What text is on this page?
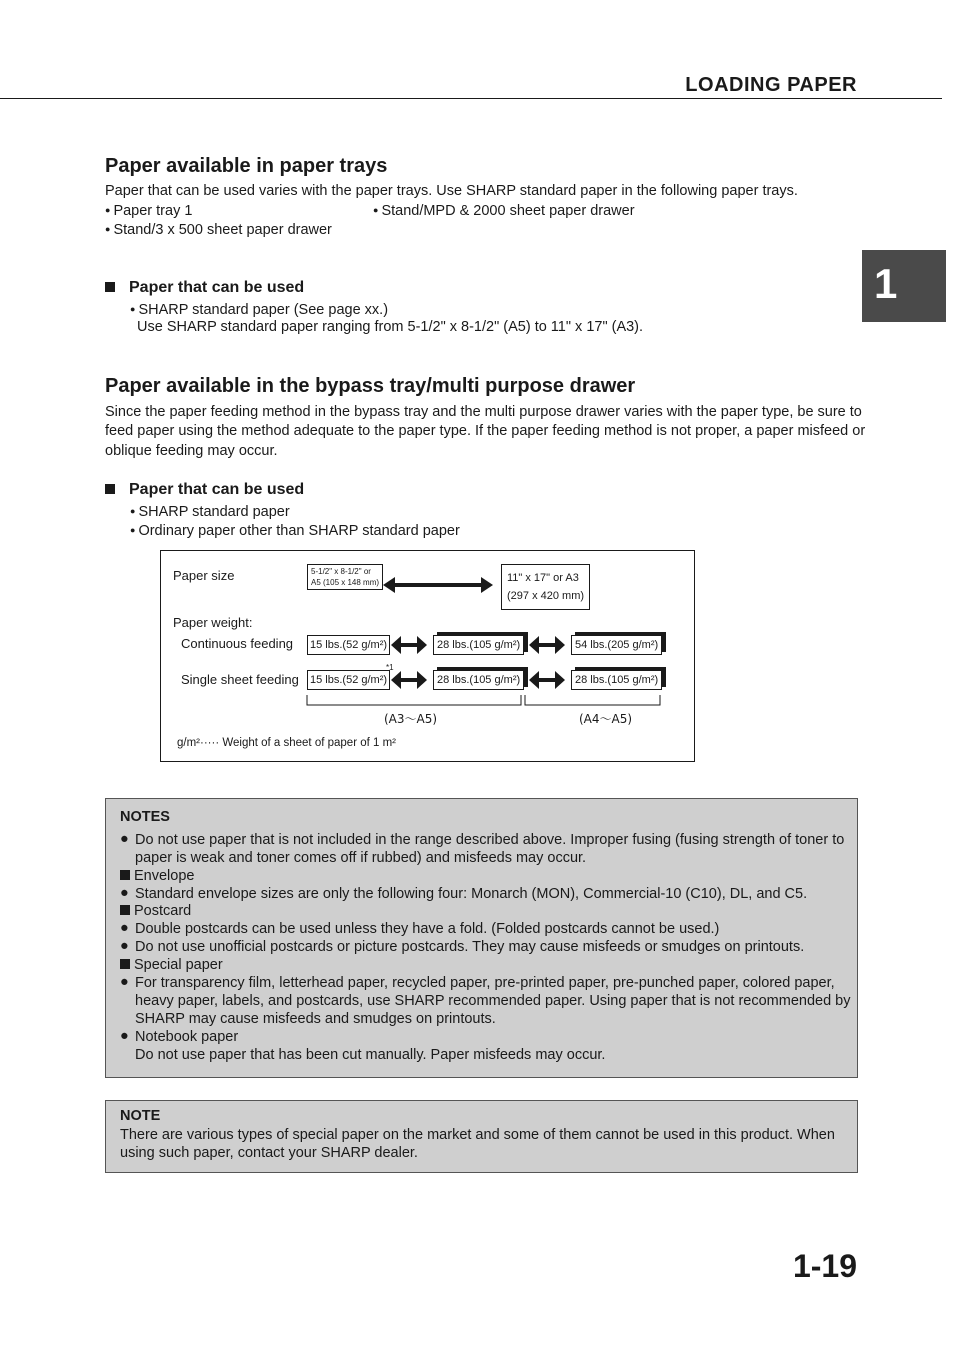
LOADING PAPER
1
Paper available in paper trays
Paper that can be used varies with the paper trays. Use SHARP standard paper in the following paper trays.
● Paper tray 1
●	Stand/MPD & 2000 sheet paper drawer
● Stand/3 x 500 sheet paper drawer
Paper that can be used
● SHARP standard paper (See page xx.)
Use SHARP standard paper ranging from 5-1/2" x 8-1/2" (A5) to 11" x 17" (A3).
Paper available in the bypass tray/multi purpose drawer
Since the paper feeding method in the bypass tray and the multi purpose drawer varies with the paper type, be sure to
feed paper using the method adequate to the paper type. If the paper feeding method is not proper, a paper misfeed or
oblique feeding may occur.
Paper that can be used
● SHARP standard paper
● Ordinary paper other than SHARP standard paper
Paper size	5-1/2" x 8-1/2" or
A5 (105 x 148 mm)	11" x 17" or A3
(297 x 420 mm)
Paper weight:
Continuous feeding
Single sheet feeding
15 lbs.(52 g/m²)	28 lbs.(105 g/m²)	54 lbs.(205 g/m²)
15 lbs.(52 g/m²)
*1
28 lbs.(105 g/m²)	28 lbs.(105 g/m²)
(A3～A5)	(A4～A5)
g/m²····· Weight of a sheet of paper of 1 m²
NOTES
● Do not use paper that is not included in the range described above. Improper fusing (fusing strength of toner to
paper is weak and toner comes off if rubbed) and misfeeds may occur.
Envelope
● Standard envelope sizes are only the following four: Monarch (MON), Commercial-10 (C10), DL, and C5.
Postcard
● Double postcards can be used unless they have a fold. (Folded postcards cannot be used.)
● Do not use unofficial postcards or picture postcards. They may cause misfeeds or smudges on printouts.
Special paper
● For transparency film, letterhead paper, recycled paper, pre-printed paper, pre-punched paper, colored paper,
heavy paper, labels, and postcards, use SHARP recommended paper. Using paper that is not recommended by
SHARP may cause misfeeds and smudges on printouts.
● Notebook paper
Do not use paper that has been cut manually. Paper misfeeds may occur.
NOTE
There are various types of special paper on the market and some of them cannot be used in this product. When
using such paper, contact your SHARP dealer.
1-19
